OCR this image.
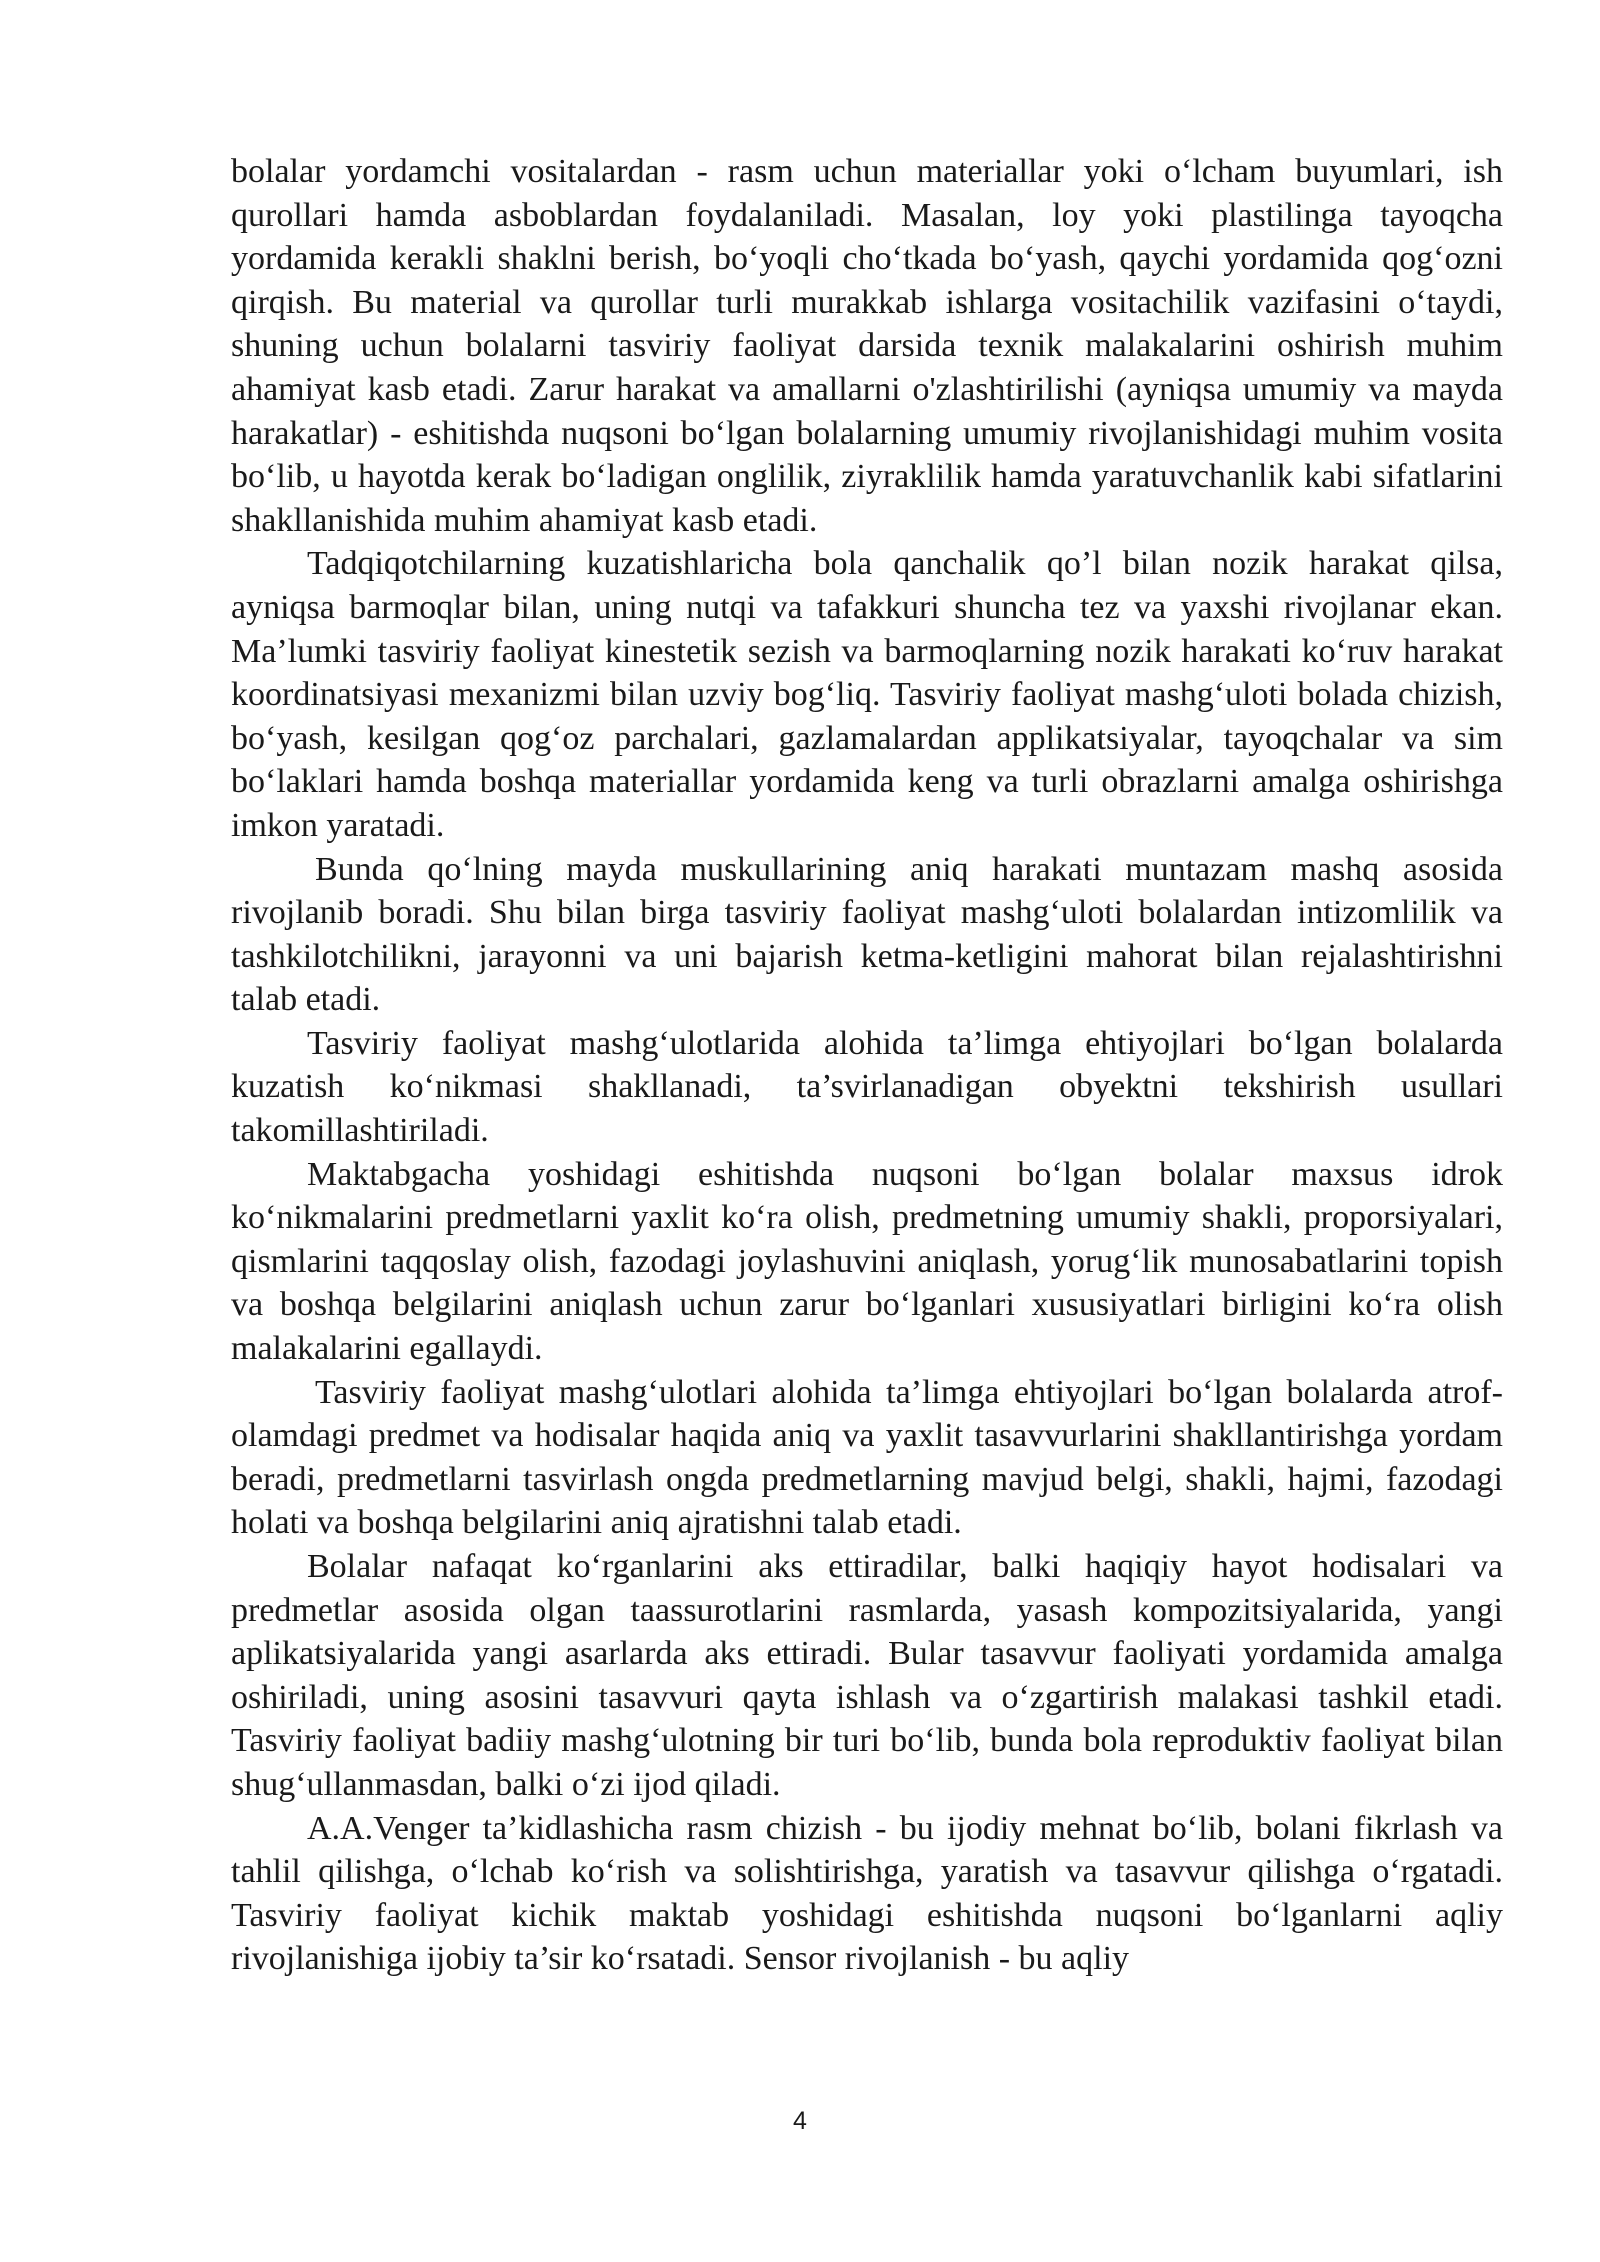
bolalar yordamchi vositalardan - rasm uchun materiallar yoki o‘lcham buyumlari, ish qurollari hamda asboblardan foydalaniladi. Masalan, loy yoki plastilinga tayoqcha yordamida kerakli shaklni berish, bo‘yoqli cho‘tkada bo‘yash, qaychi yordamida qog‘ozni qirqish. Bu material va qurollar turli murakkab ishlarga vositachilik vazifasini o‘taydi, shuning uchun bolalarni tasviriy faoliyat darsida texnik malakalarini oshirish muhim ahamiyat kasb etadi. Zarur harakat va amallarni o'zlashtirilishi (ayniqsa umumiy va mayda harakatlar) - eshitishda nuqsoni bo‘lgan bolalarning umumiy rivojlanishidagi muhim vosita bo‘lib, u hayotda kerak bo‘ladigan onglilik, ziyraklilik hamda yaratuvchanlik kabi sifatlarini shakllanishida muhim ahamiyat kasb etadi.

Tadqiqotchilarning kuzatishlaricha bola qanchalik qo’l bilan nozik harakat qilsa, ayniqsa barmoqlar bilan, uning nutqi va tafakkuri shuncha tez va yaxshi rivojlanar ekan. Ma’lumki tasviriy faoliyat kinestetik sezish va barmoqlarning nozik harakati ko‘ruv harakat koordinatsiyasi mexanizmi bilan uzviy bog‘liq. Tasviriy faoliyat mashg‘uloti bolada chizish, bo‘yash, kesilgan qog‘oz parchalari, gazlamalardan applikatsiyalar, tayoqchalar va sim bo‘laklari hamda boshqa materiallar yordamida keng va turli obrazlarni amalga oshirishga imkon yaratadi.

Bunda qo‘lning mayda muskullarining aniq harakati muntazam mashq asosida rivojlanib boradi. Shu bilan birga tasviriy faoliyat mashg‘uloti bolalardan intizomlilik va tashkilotchilikni, jarayonni va uni bajarish ketma-ketligini mahorat bilan rejalashtirishni talab etadi.

Tasviriy faoliyat mashg‘ulotlarida alohida ta’limga ehtiyojlari bo‘lgan bolalarda kuzatish ko‘nikmasi shakllanadi, ta’svirlanadigan obyektni tekshirish usullari takomillashtiriladi.

Maktabgacha yoshidagi eshitishda nuqsoni bo‘lgan bolalar maxsus idrok ko‘nikmalarini predmetlarni yaxlit ko‘ra olish, predmetning umumiy shakli, proporsiyalari, qismlarini taqqoslay olish, fazodagi joylashuvini aniqlash, yorug‘lik munosabatlarini topish va boshqa belgilarini aniqlash uchun zarur bo‘lganlari xususiyatlari birligini ko‘ra olish malakalarini egallaydi.

Tasviriy faoliyat mashg‘ulotlari alohida ta’limga ehtiyojlari bo‘lgan bolalarda atrof-olamdagi predmet va hodisalar haqida aniq va yaxlit tasavvurlarini shakllantirishga yordam beradi, predmetlarni tasvirlash ongda predmetlarning mavjud belgi, shakli, hajmi, fazodagi holati va boshqa belgilarini aniq ajratishni talab etadi.

Bolalar nafaqat ko‘rganlarini aks ettiradilar, balki haqiqiy hayot hodisalari va predmetlar asosida olgan taassurotlarini rasmlarda, yasash kompozitsiyalarida, yangi aplikatsiyalarida yangi asarlarda aks ettiradi. Bular tasavvur faoliyati yordamida amalga oshiriladi, uning asosini tasavvuri qayta ishlash va o‘zgartirish malakasi tashkil etadi. Tasviriy faoliyat badiiy mashg‘ulotning bir turi bo‘lib, bunda bola reproduktiv faoliyat bilan shug‘ullanmasdan, balki o‘zi ijod qiladi.

A.A.Venger ta’kidlashicha rasm chizish - bu ijodiy mehnat bo‘lib, bolani fikrlash va tahlil qilishga, o‘lchab ko‘rish va solishtirishga, yaratish va tasavvur qilishga o‘rgatadi. Tasviriy faoliyat kichik maktab yoshidagi eshitishda nuqsoni bo‘lganlarni aqliy rivojlanishiga ijobiy ta’sir ko‘rsatadi. Sensor rivojlanish - bu aqliy

4
